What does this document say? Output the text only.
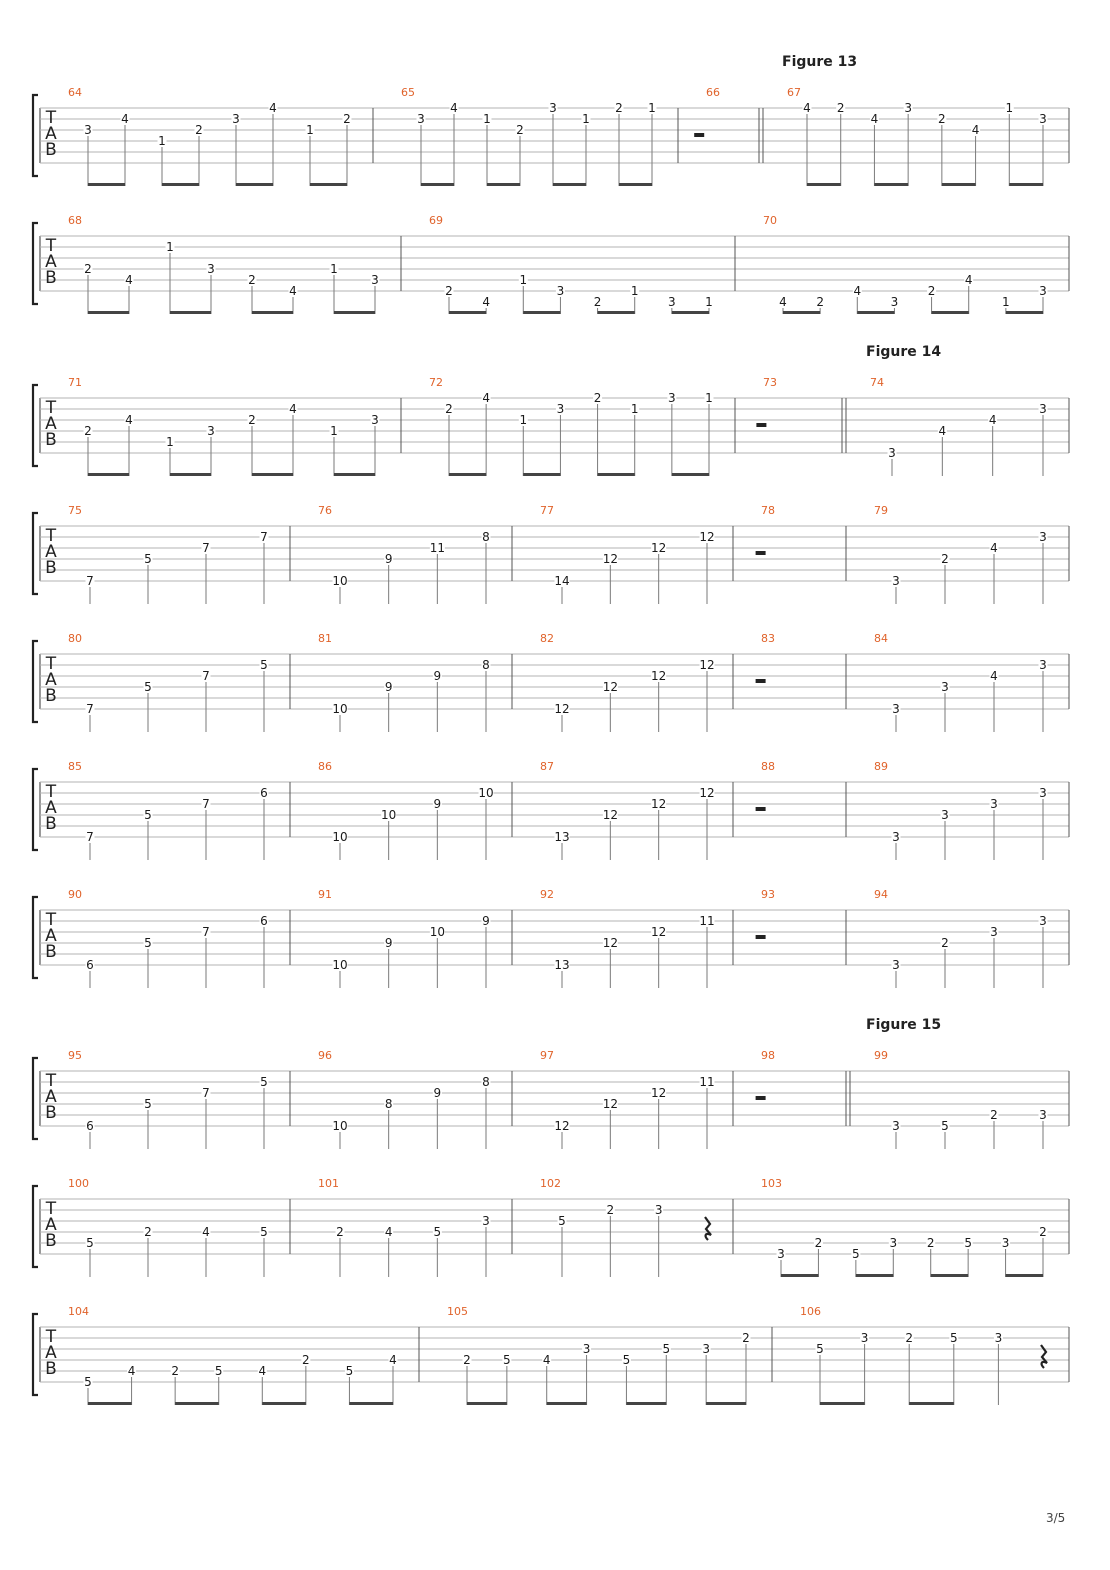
Figure 13
Figure 14
Figure 15
T
A
B
64
3
4
1
2
3
4
1
2
65
3
4
1
2
3
1
2 1
66	67
4 2
4
3
2
4
1
3
T
A
B
68
2
4
1
3
2
4
1
3
69
2
4
1
3
2
1
3 1
70
4 2
4
3
2
4
1
3
T
A
B
71
2
4
1
3
2
4
1
3
72
2
4
1
3
2
1
3 1
73	74
3
4
4
3
T
A
B
75
7
5
7
7
76
10
9
11
8
77
14
12
12
12
78	79
3
2
4
3
T
A
B
80
7
5
7
5
81
10
9
9
8
82
12
12
12
12
83	84
3
3
4
3
T
A
B
85
7
5
7
6
86
10
10
9
10
87
13
12
12
12
88	89
3
3
3
3
T
A
B
90
6
5
7
6
91
10
9
10
9
92
13
12
12
11
93	94
3
2
3
3
T
A
B
95
6
5
7
5
96
10
8
9
8
97
12
12
12
11
98	99
3	5
2	3
T
A
B
100
5
2	4	5
101
2	4	5
3
102
5
2	3
103
3
2
5
3 2 5 3
2
T
A
B
104
5
4	2	5	4
2
5
4
105
2	5	4
3
5
5	3
2
106
5
3	2	5	3
3/5
